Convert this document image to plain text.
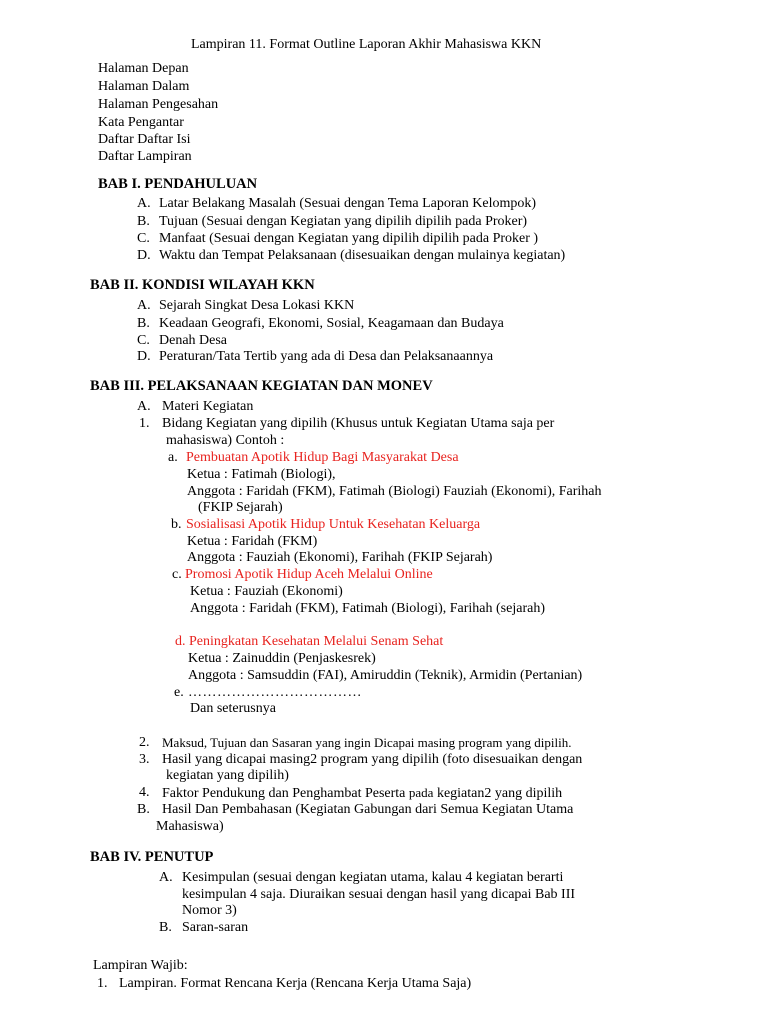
Lampiran 11. Format Outline Laporan Akhir Mahasiswa KKN
Halaman Depan
Halaman Dalam
Halaman Pengesahan
Kata Pengantar
Daftar Daftar Isi
Daftar Lampiran
BAB I. PENDAHULUAN
A. Latar Belakang Masalah (Sesuai dengan Tema Laporan Kelompok)
B. Tujuan (Sesuai dengan Kegiatan yang dipilih dipilih pada Proker)
C. Manfaat (Sesuai dengan Kegiatan yang dipilih dipilih pada Proker )
D. Waktu dan Tempat Pelaksanaan (disesuaikan dengan mulainya kegiatan)
BAB II. KONDISI WILAYAH KKN
A. Sejarah Singkat Desa Lokasi KKN
B. Keadaan Geografi, Ekonomi, Sosial, Keagamaan dan Budaya
C. Denah Desa
D. Peraturan/Tata Tertib yang ada di Desa dan Pelaksanaannya
BAB III. PELAKSANAAN KEGIATAN DAN MONEV
A. Materi Kegiatan
1. Bidang Kegiatan yang dipilih (Khusus untuk Kegiatan Utama saja per
mahasiswa) Contoh :
a. Pembuatan Apotik Hidup Bagi Masyarakat Desa
Ketua : Fatimah (Biologi),
Anggota : Faridah (FKM), Fatimah (Biologi) Fauziah (Ekonomi), Farihah
(FKIP Sejarah)
b. Sosialisasi Apotik Hidup Untuk Kesehatan Keluarga
Ketua : Faridah (FKM)
Anggota : Fauziah (Ekonomi), Farihah (FKIP Sejarah)
c. Promosi Apotik Hidup Aceh Melalui Online
Ketua : Fauziah (Ekonomi)
Anggota : Faridah (FKM), Fatimah (Biologi), Farihah (sejarah)
d. Peningkatan Kesehatan Melalui Senam Sehat
Ketua : Zainuddin (Penjaskesrek)
Anggota : Samsuddin (FAI), Amiruddin (Teknik), Armidin (Pertanian)
e. ………………………………
Dan seterusnya
2. Maksud, Tujuan dan Sasaran yang ingin Dicapai masing program yang dipilih.
3. Hasil yang dicapai masing2 program yang dipilih (foto disesuaikan dengan
kegiatan yang dipilih)
4. Faktor Pendukung dan Penghambat Peserta pada kegiatan2 yang dipilih
B. Hasil Dan Pembahasan (Kegiatan Gabungan dari Semua Kegiatan Utama
Mahasiswa)
BAB IV. PENUTUP
A. Kesimpulan (sesuai dengan kegiatan utama, kalau 4 kegiatan berarti
kesimpulan 4 saja. Diuraikan sesuai dengan hasil yang dicapai Bab III
Nomor 3)
B. Saran-saran
Lampiran Wajib:
1. Lampiran. Format Rencana Kerja (Rencana Kerja Utama Saja)
